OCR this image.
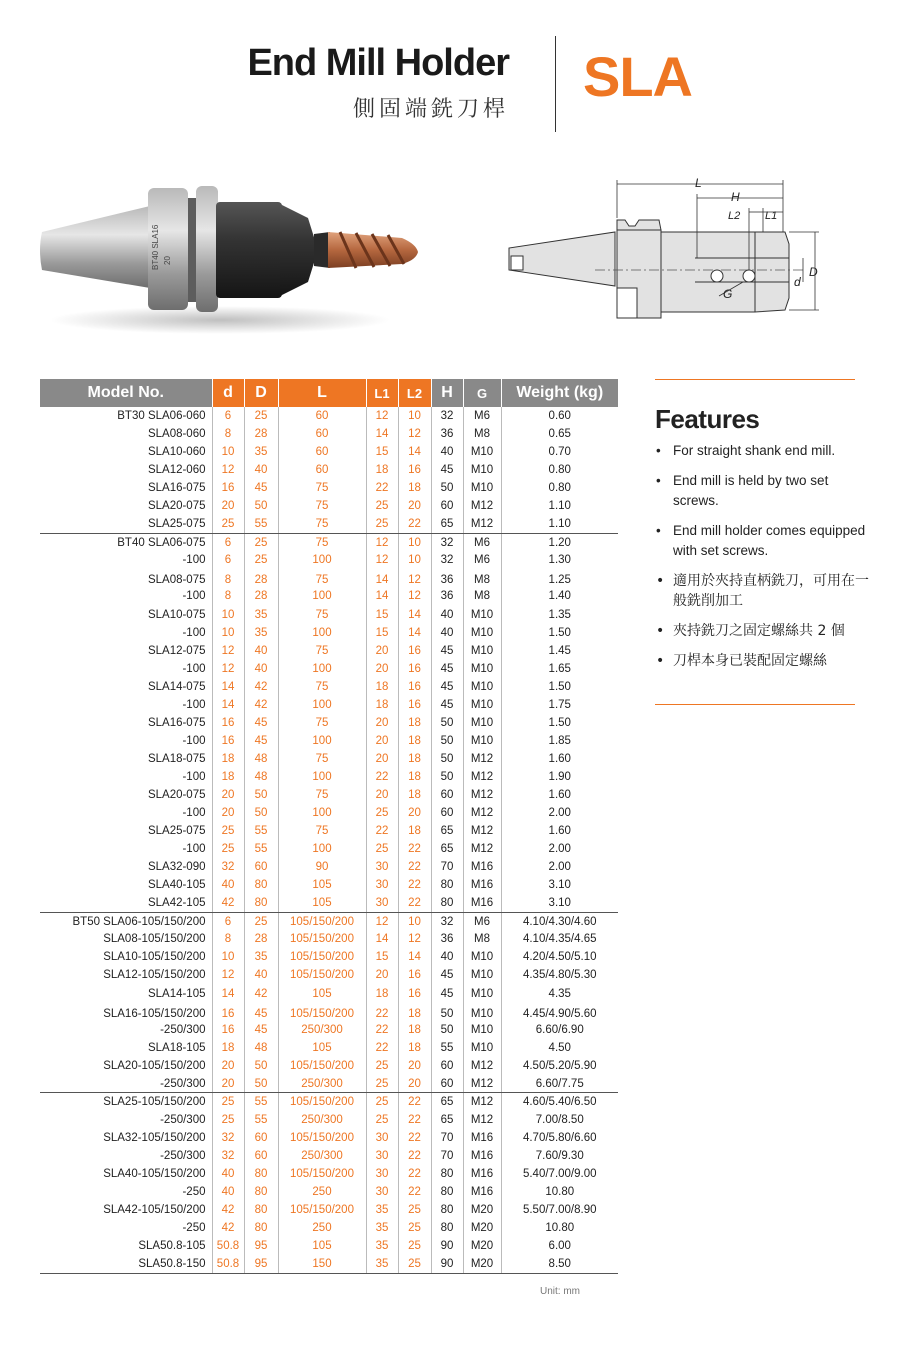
End Mill Holder
側固端銑刀桿
SLA
BT40 SLA16 20
L
H
L2 L1
G
d
D
Model No.	d	D	L	L1	L2	H	G	Weight (kg)
BT30 SLA06-060	6	25	60	12	10	32	M6	0.60
SLA08-060	8	28	60	14	12	36	M8	0.65
SLA10-060	10	35	60	15	14	40	M10	0.70
SLA12-060	12	40	60	18	16	45	M10	0.80
SLA16-075	16	45	75	22	18	50	M10	0.80
SLA20-075	20	50	75	25	20	60	M12	1.10
SLA25-075	25	55	75	25	22	65	M12	1.10
BT40 SLA06-075	6	25	75	12	10	32	M6	1.20
-100	6	25	100	12	10	32	M6	1.30
SLA08-075	8	28	75	14	12	36	M8	1.25
-100	8	28	100	14	12	36	M8	1.40
SLA10-075	10	35	75	15	14	40	M10	1.35
-100	10	35	100	15	14	40	M10	1.50
SLA12-075	12	40	75	20	16	45	M10	1.45
-100	12	40	100	20	16	45	M10	1.65
SLA14-075	14	42	75	18	16	45	M10	1.50
-100	14	42	100	18	16	45	M10	1.75
SLA16-075	16	45	75	20	18	50	M10	1.50
-100	16	45	100	20	18	50	M10	1.85
SLA18-075	18	48	75	20	18	50	M12	1.60
-100	18	48	100	22	18	50	M12	1.90
SLA20-075	20	50	75	20	18	60	M12	1.60
-100	20	50	100	25	20	60	M12	2.00
SLA25-075	25	55	75	22	18	65	M12	1.60
-100	25	55	100	25	22	65	M12	2.00
SLA32-090	32	60	90	30	22	70	M16	2.00
SLA40-105	40	80	105	30	22	80	M16	3.10
SLA42-105	42	80	105	30	22	80	M16	3.10
BT50 SLA06-105/150/200	6	25	105/150/200	12	10	32	M6	4.10/4.30/4.60
SLA08-105/150/200	8	28	105/150/200	14	12	36	M8	4.10/4.35/4.65
SLA10-105/150/200	10	35	105/150/200	15	14	40	M10	4.20/4.50/5.10
SLA12-105/150/200	12	40	105/150/200	20	16	45	M10	4.35/4.80/5.30
SLA14-105	14	42	105	18	16	45	M10	4.35
SLA16-105/150/200	16	45	105/150/200	22	18	50	M10	4.45/4.90/5.60
-250/300	16	45	250/300	22	18	50	M10	6.60/6.90
SLA18-105	18	48	105	22	18	55	M10	4.50
SLA20-105/150/200	20	50	105/150/200	25	20	60	M12	4.50/5.20/5.90
-250/300	20	50	250/300	25	20	60	M12	6.60/7.75
SLA25-105/150/200	25	55	105/150/200	25	22	65	M12	4.60/5.40/6.50
-250/300	25	55	250/300	25	22	65	M12	7.00/8.50
SLA32-105/150/200	32	60	105/150/200	30	22	70	M16	4.70/5.80/6.60
-250/300	32	60	250/300	30	22	70	M16	7.60/9.30
SLA40-105/150/200	40	80	105/150/200	30	22	80	M16	5.40/7.00/9.00
-250	40	80	250	30	22	80	M16	10.80
SLA42-105/150/200	42	80	105/150/200	35	25	80	M20	5.50/7.00/8.90
-250	42	80	250	35	25	80	M20	10.80
SLA50.8-105	50.8	95	105	35	25	90	M20	6.00
SLA50.8-150	50.8	95	150	35	25	90	M20	8.50
Unit: mm
Features
• For straight shank end mill.
• End mill is held by two set screws.
• End mill holder comes equipped with set screws.
• 適用於夾持直柄銑刀，可用在一般銑削加工
• 夾持銑刀之固定螺絲共 2 個
• 刀桿本身已裝配固定螺絲
